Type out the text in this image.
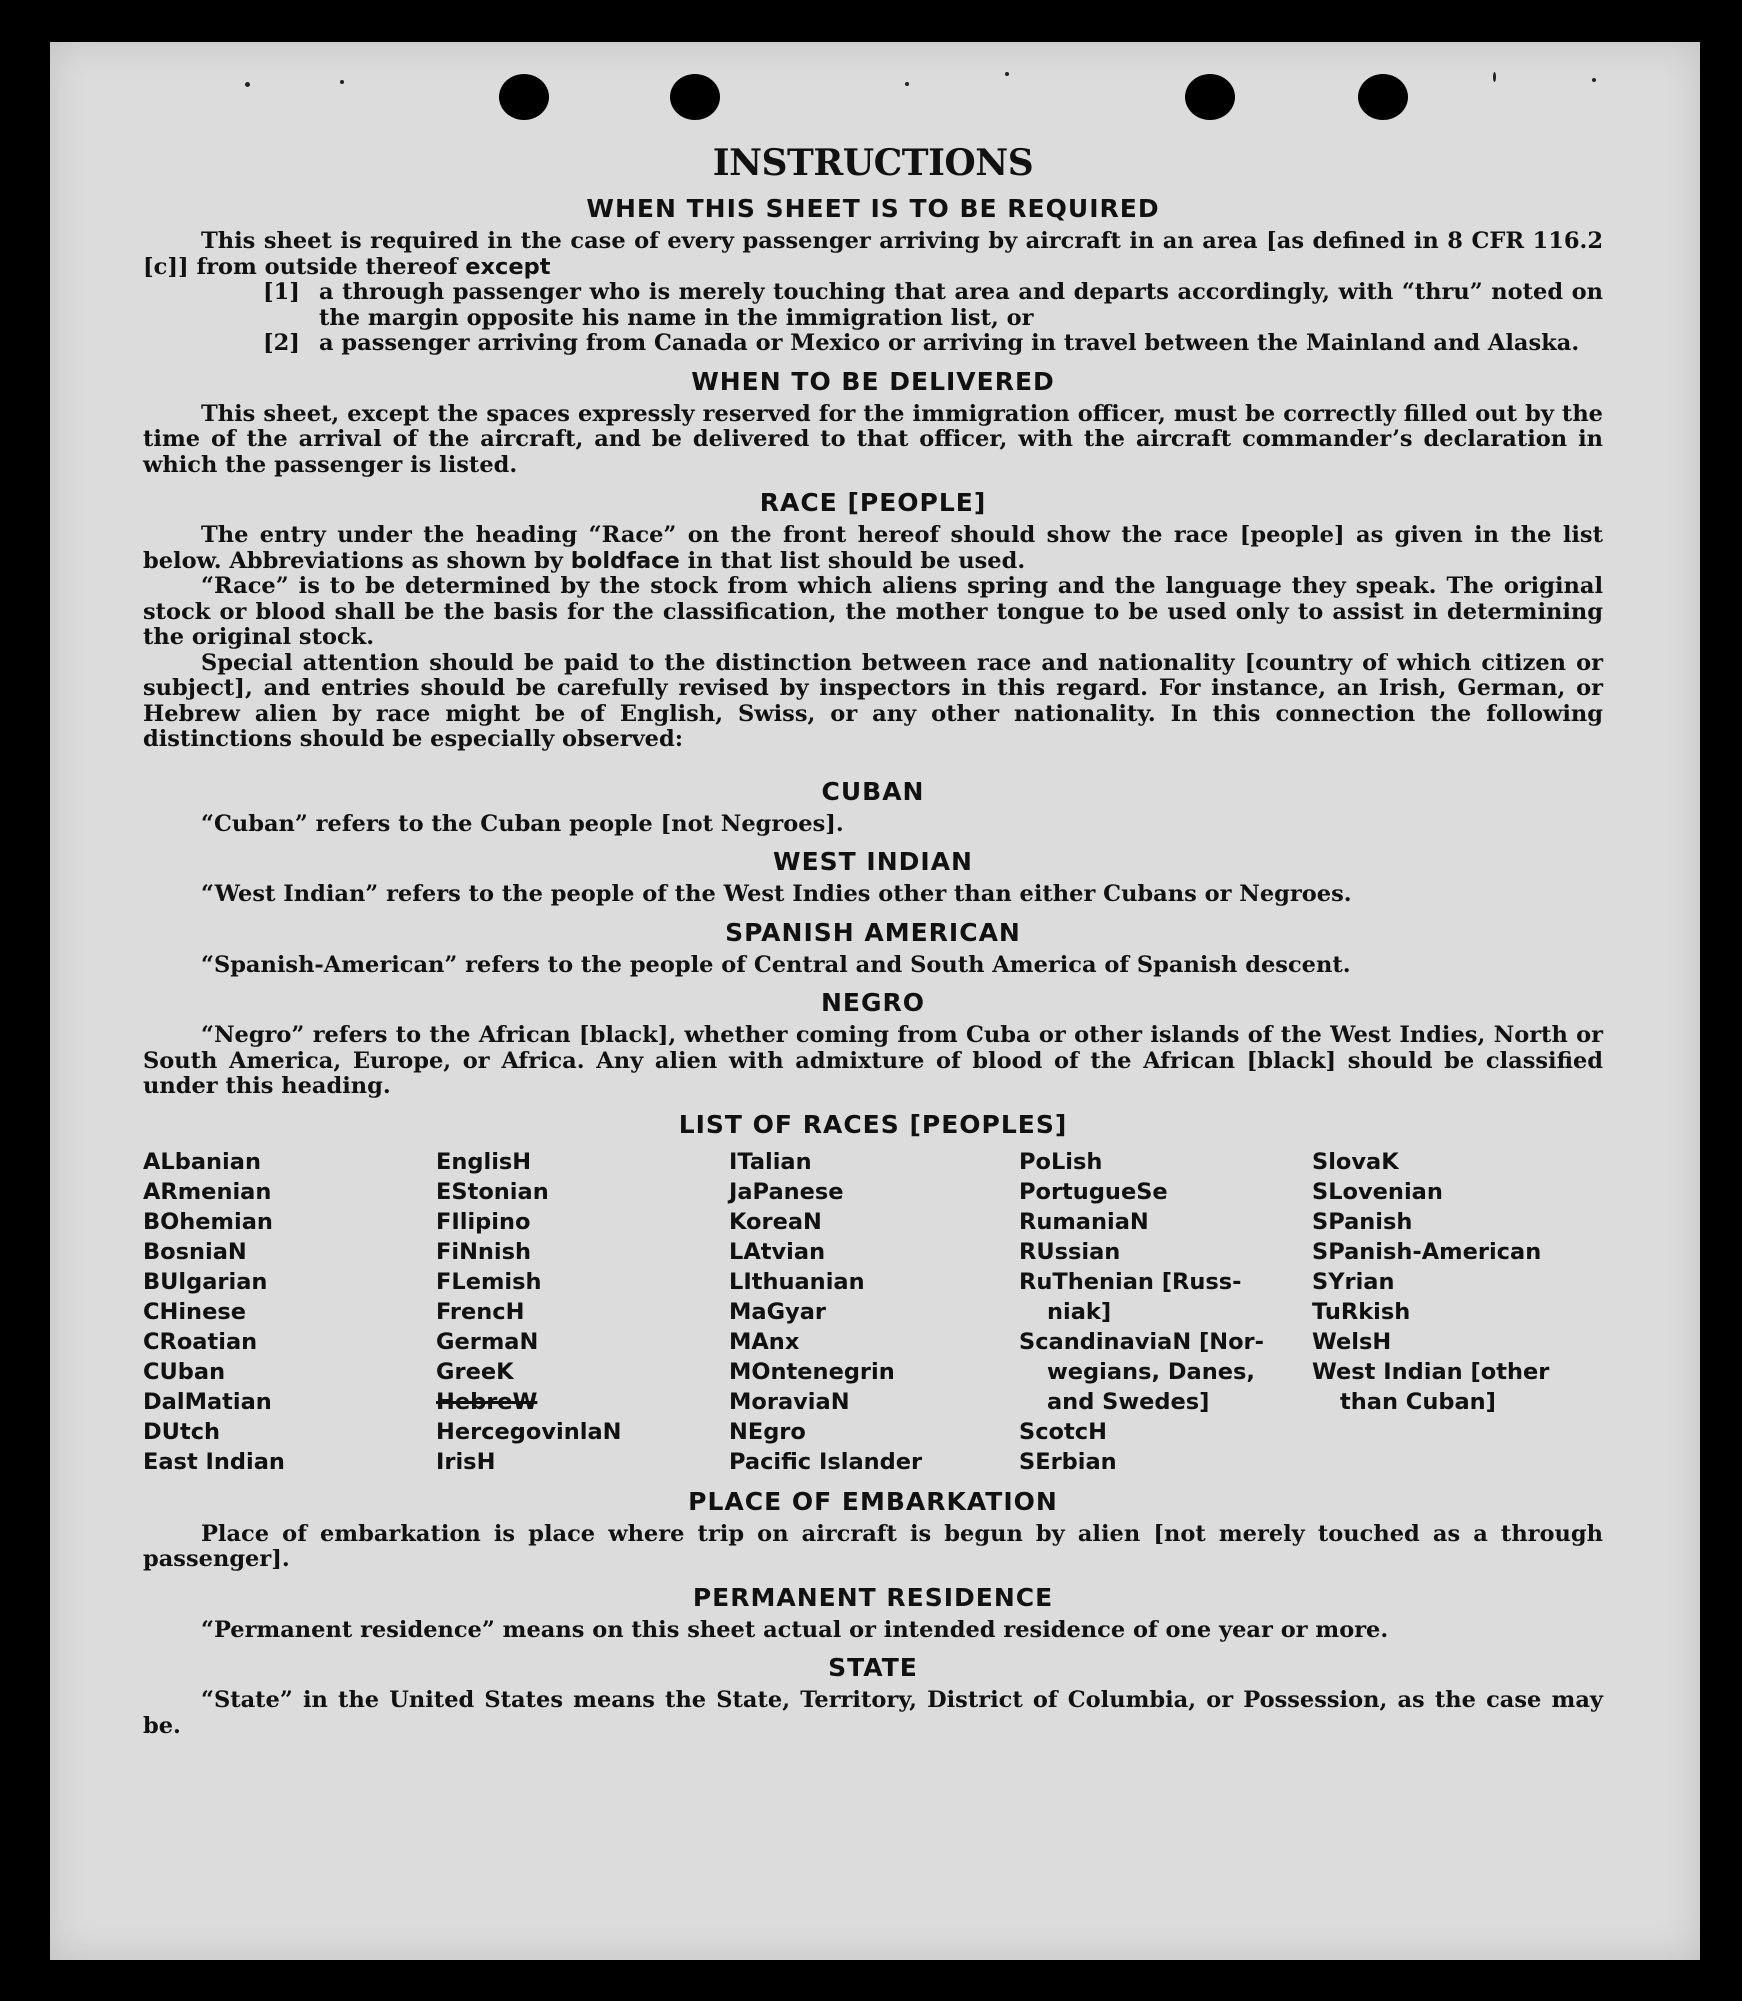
INSTRUCTIONS
WHEN THIS SHEET IS TO BE REQUIRED

This sheet is required in the case of every passenger arriving by aircraft in an area [as defined in 8 CFR 116.2 [c]] from outside thereof except

[1] a through passenger who is merely touching that area and departs accordingly, with “thru” noted on the margin opposite his name in the immigration list, or
[2] a passenger arriving from Canada or Mexico or arriving in travel between the Mainland and Alaska.
WHEN TO BE DELIVERED

This sheet, except the spaces expressly reserved for the immigration officer, must be correctly filled out by the time of the arrival of the aircraft, and be delivered to that officer, with the aircraft commander’s declaration in which the passenger is listed.

RACE [PEOPLE]

The entry under the heading “Race” on the front hereof should show the race [people] as given in the list below. Abbreviations as shown by boldface in that list should be used.

“Race” is to be determined by the stock from which aliens spring and the language they speak. The original stock or blood shall be the basis for the classification, the mother tongue to be used only to assist in determining the original stock.

Special attention should be paid to the distinction between race and nationality [country of which citizen or subject], and entries should be carefully revised by inspectors in this regard. For instance, an Irish, German, or Hebrew alien by race might be of English, Swiss, or any other nationality. In this connection the following distinctions should be especially observed:

CUBAN

“Cuban” refers to the Cuban people [not Negroes].

WEST INDIAN

“West Indian” refers to the people of the West Indies other than either Cubans or Negroes.

SPANISH AMERICAN

“Spanish-American” refers to the people of Central and South America of Spanish descent.

NEGRO

“Negro” refers to the African [black], whether coming from Cuba or other islands of the West Indies, North or South America, Europe, or Africa. Any alien with admixture of blood of the African [black] should be classified under this heading.

LIST OF RACES [PEOPLES]
ALbanian
ARmenian
BOhemian
BosniaN
BUlgarian
CHinese
CRoatian
CUban
DalMatian
DUtch
East Indian
EnglisH
EStonian
FIlipino
FiNnish
FLemish
FrencH
GermaN
GreeK
HebreW
HercegovinlaN
IrisH
ITalian
JaPanese
KoreaN
LAtvian
LIthuanian
MaGyar
MAnx
MOntenegrin
MoraviaN
NEgro
Pacific Islander
PoLish
PortugueSe
RumaniaN
RUssian
RuThenian [Russ-
niak]
ScandinaviaN [Nor-
wegians, Danes,
and Swedes]
ScotcH
SErbian
SlovaK
SLovenian
SPanish
SPanish-American
SYrian
TuRkish
WelsH
West Indian [other
than Cuban]
PLACE OF EMBARKATION

Place of embarkation is place where trip on aircraft is begun by alien [not merely touched as a through passenger].

PERMANENT RESIDENCE

“Permanent residence” means on this sheet actual or intended residence of one year or more.

STATE

“State” in the United States means the State, Territory, District of Columbia, or Possession, as the case may be.
